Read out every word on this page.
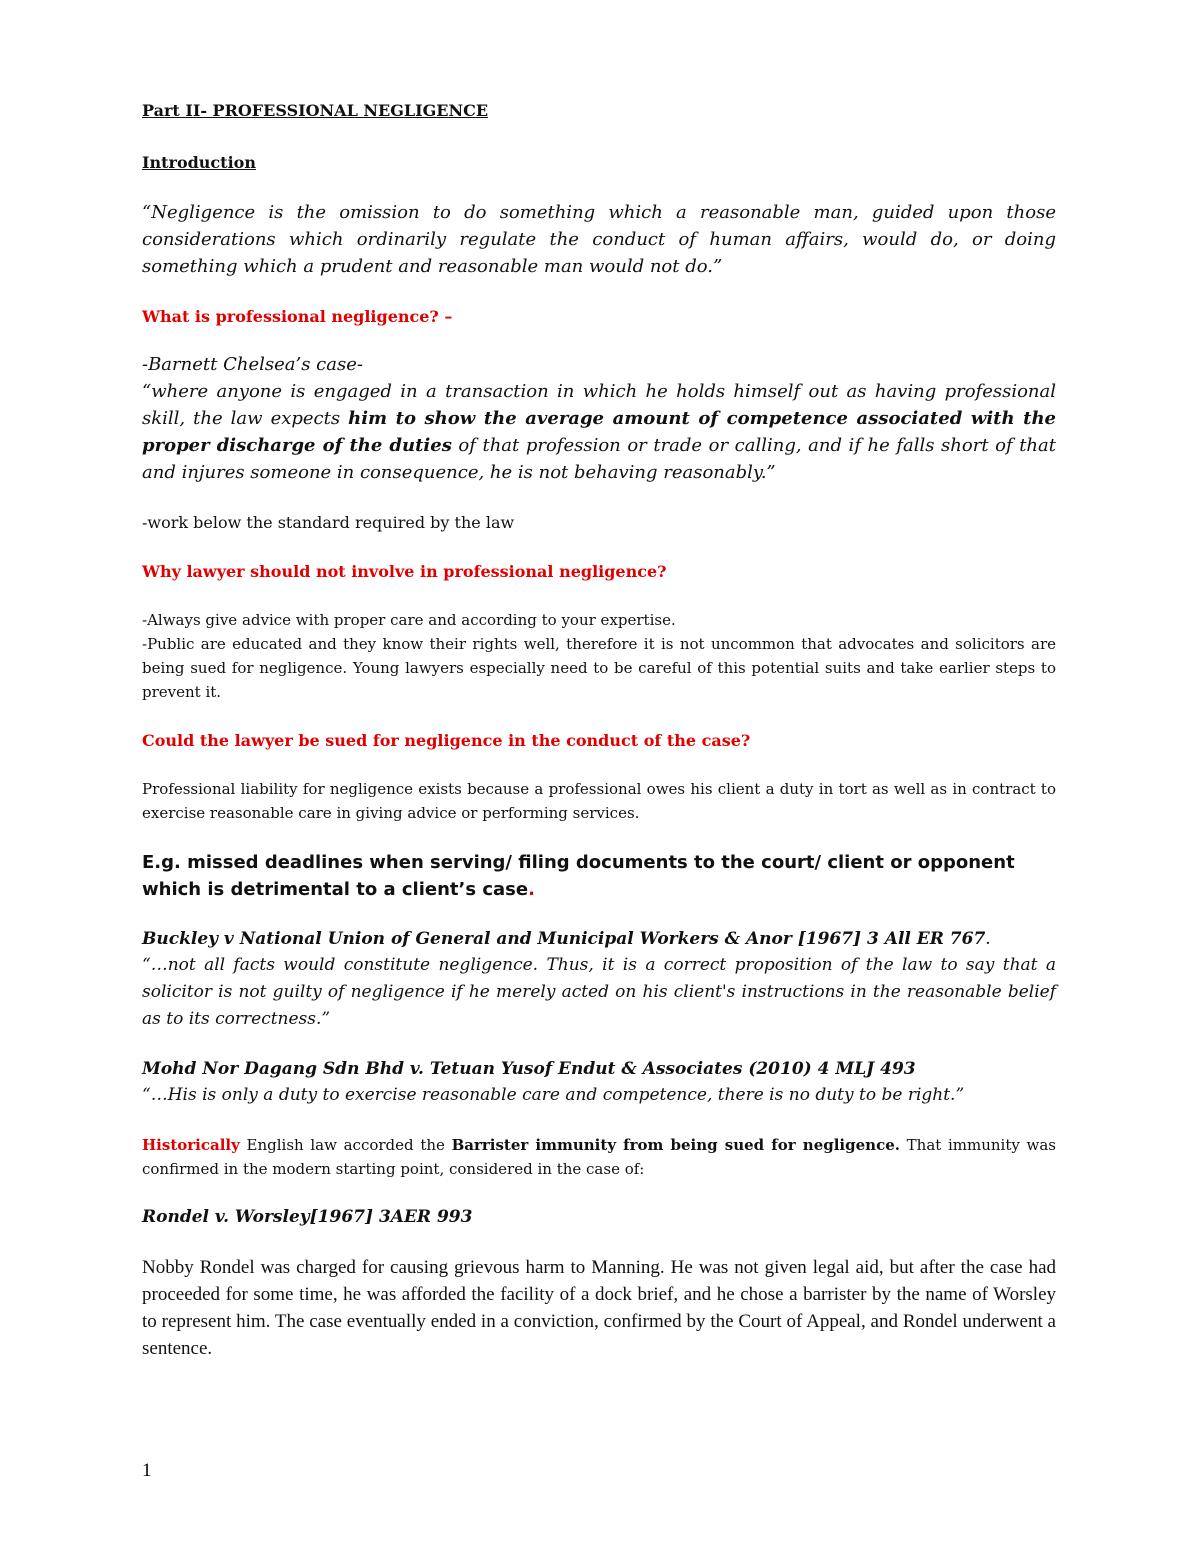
Part II- PROFESSIONAL NEGLIGENCE

Introduction

“Negligence is the omission to do something which a reasonable man, guided upon those considerations which ordinarily regulate the conduct of human affairs, would do, or doing something which a prudent and reasonable man would not do.”

What is professional negligence? –

-Barnett Chelsea’s case-

“where anyone is engaged in a transaction in which he holds himself out as having professional skill, the law expects him to show the average amount of competence associated with the proper discharge of the duties of that profession or trade or calling, and if he falls short of that and injures someone in consequence, he is not behaving reasonably.”

-work below the standard required by the law

Why lawyer should not involve in professional negligence?

-Always give advice with proper care and according to your expertise.

-Public are educated and they know their rights well, therefore it is not uncommon that advocates and solicitors are being sued for negligence. Young lawyers especially need to be careful of this potential suits and take earlier steps to prevent it.

Could the lawyer be sued for negligence in the conduct of the case?

Professional liability for negligence exists because a professional owes his client a duty in tort as well as in contract to exercise reasonable care in giving advice or performing services.

E.g. missed deadlines when serving/ filing documents to the court/ client or opponent which is detrimental to a client’s case.

Buckley v National Union of General and Municipal Workers & Anor [1967] 3 All ER 767.

“…not all facts would constitute negligence. Thus, it is a correct proposition of the law to say that a solicitor is not guilty of negligence if he merely acted on his client's instructions in the reasonable belief as to its correctness.”

Mohd Nor Dagang Sdn Bhd v. Tetuan Yusof Endut & Associates (2010) 4 MLJ 493

“…His is only a duty to exercise reasonable care and competence, there is no duty to be right.”

Historically English law accorded the Barrister immunity from being sued for negligence. That immunity was confirmed in the modern starting point, considered in the case of:

Rondel v. Worsley[1967] 3AER 993

Nobby Rondel was charged for causing grievous harm to Manning. He was not given legal aid, but after the case had proceeded for some time, he was afforded the facility of a dock brief, and he chose a barrister by the name of Worsley to represent him. The case eventually ended in a conviction, confirmed by the Court of Appeal, and Rondel underwent a sentence.

1
